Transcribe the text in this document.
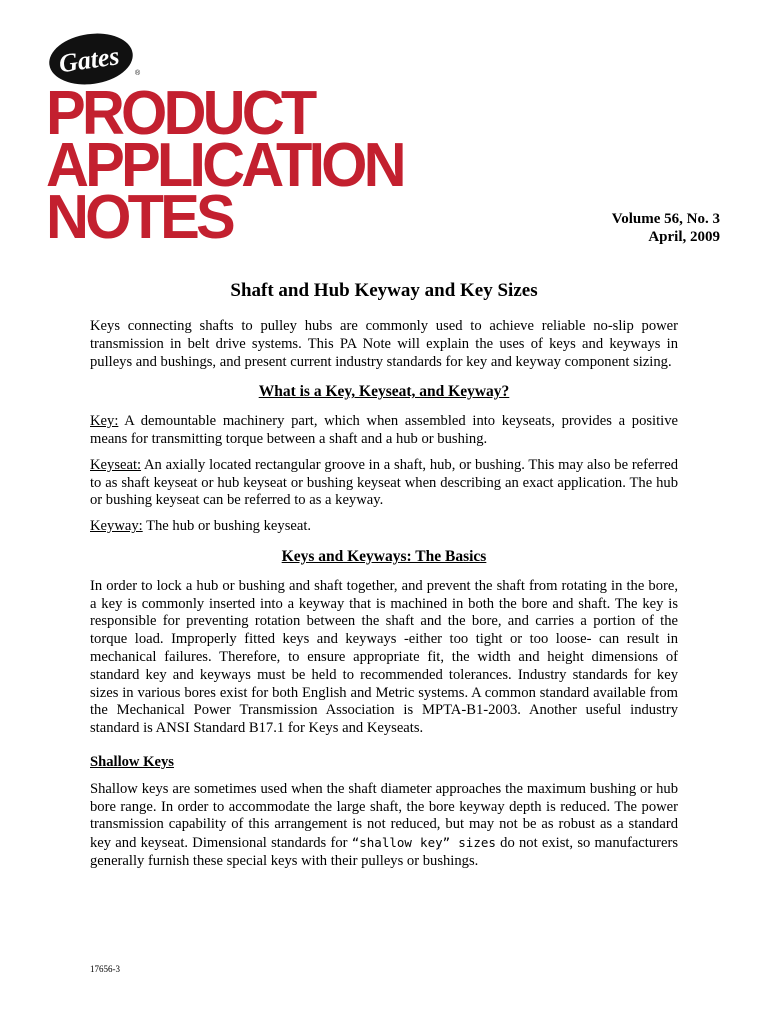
Gates ®
PRODUCT
APPLICATION
NOTES	Volume 56, No. 3
April, 2009
Shaft and Hub Keyway and Key Sizes

Keys connecting shafts to pulley hubs are commonly used to achieve reliable no-slip power transmission in belt drive systems. This PA Note will explain the uses of keys and keyways in pulleys and bushings, and present current industry standards for key and keyway component sizing.

What is a Key, Keyseat, and Keyway?

Key: A demountable machinery part, which when assembled into keyseats, provides a positive means for transmitting torque between a shaft and a hub or bushing.

Keyseat: An axially located rectangular groove in a shaft, hub, or bushing. This may also be referred to as shaft keyseat or hub keyseat or bushing keyseat when describing an exact application. The hub or bushing keyseat can be referred to as a keyway.

Keyway: The hub or bushing keyseat.

Keys and Keyways: The Basics

In order to lock a hub or bushing and shaft together, and prevent the shaft from rotating in the bore, a key is commonly inserted into a keyway that is machined in both the bore and shaft. The key is responsible for preventing rotation between the shaft and the bore, and carries a portion of the torque load. Improperly fitted keys and keyways -either too tight or too loose- can result in mechanical failures. Therefore, to ensure appropriate fit, the width and height dimensions of standard key and keyways must be held to recommended tolerances. Industry standards for key sizes in various bores exist for both English and Metric systems. A common standard available from the Mechanical Power Transmission Association is MPTA-B1-2003. Another useful industry standard is ANSI Standard B17.1 for Keys and Keyseats.

Shallow Keys

Shallow keys are sometimes used when the shaft diameter approaches the maximum bushing or hub bore range. In order to accommodate the large shaft, the bore keyway depth is reduced. The power transmission capability of this arrangement is not reduced, but may not be as robust as a standard key and keyseat. Dimensional standards for “shallow key” sizes do not exist, so manufacturers generally furnish these special keys with their pulleys or bushings.

17656-3
